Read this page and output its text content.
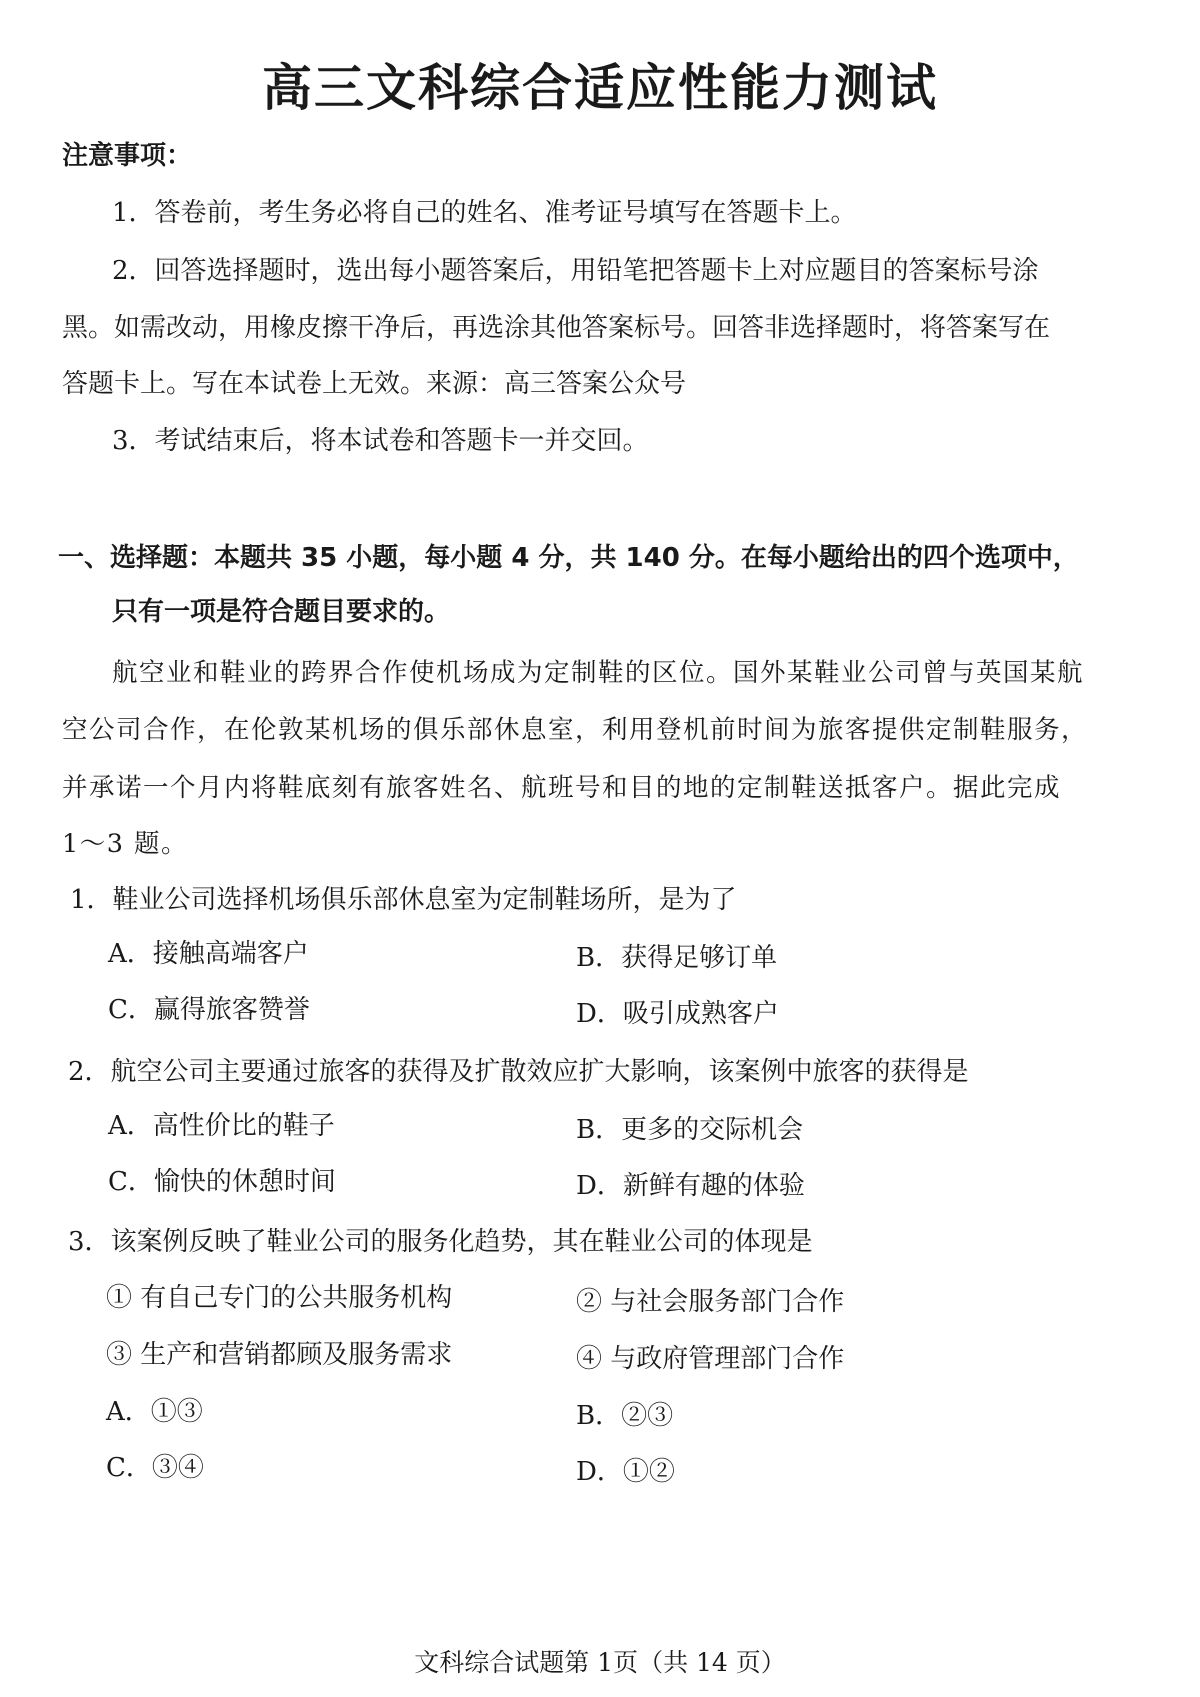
高三文科综合适应性能力测试
注意事项：
1．答卷前，考生务必将自己的姓名、准考证号填写在答题卡上。
2．回答选择题时，选出每小题答案后，用铅笔把答题卡上对应题目的答案标号涂
黑。如需改动，用橡皮擦干净后，再选涂其他答案标号。回答非选择题时，将答案写在
答题卡上。写在本试卷上无效。来源：高三答案公众号
3．考试结束后，将本试卷和答题卡一并交回。
一、选择题：本题共 35 小题，每小题 4 分，共 140 分。在每小题给出的四个选项中，
只有一项是符合题目要求的。
航空业和鞋业的跨界合作使机场成为定制鞋的区位。国外某鞋业公司曾与英国某航
空公司合作，在伦敦某机场的俱乐部休息室，利用登机前时间为旅客提供定制鞋服务，
并承诺一个月内将鞋底刻有旅客姓名、航班号和目的地的定制鞋送抵客户。据此完成
1～3 题。
1．鞋业公司选择机场俱乐部休息室为定制鞋场所，是为了
A．接触高端客户	B．获得足够订单
C．赢得旅客赞誉	D．吸引成熟客户
2．航空公司主要通过旅客的获得及扩散效应扩大影响，该案例中旅客的获得是
A．高性价比的鞋子	B．更多的交际机会
C．愉快的休憩时间	D．新鲜有趣的体验
3．该案例反映了鞋业公司的服务化趋势，其在鞋业公司的体现是
① 有自己专门的公共服务机构	② 与社会服务部门合作
③ 生产和营销都顾及服务需求	④ 与政府管理部门合作
A．①③	B．②③
C．③④	D．①②
文科综合试题第 1页（共 14 页）
